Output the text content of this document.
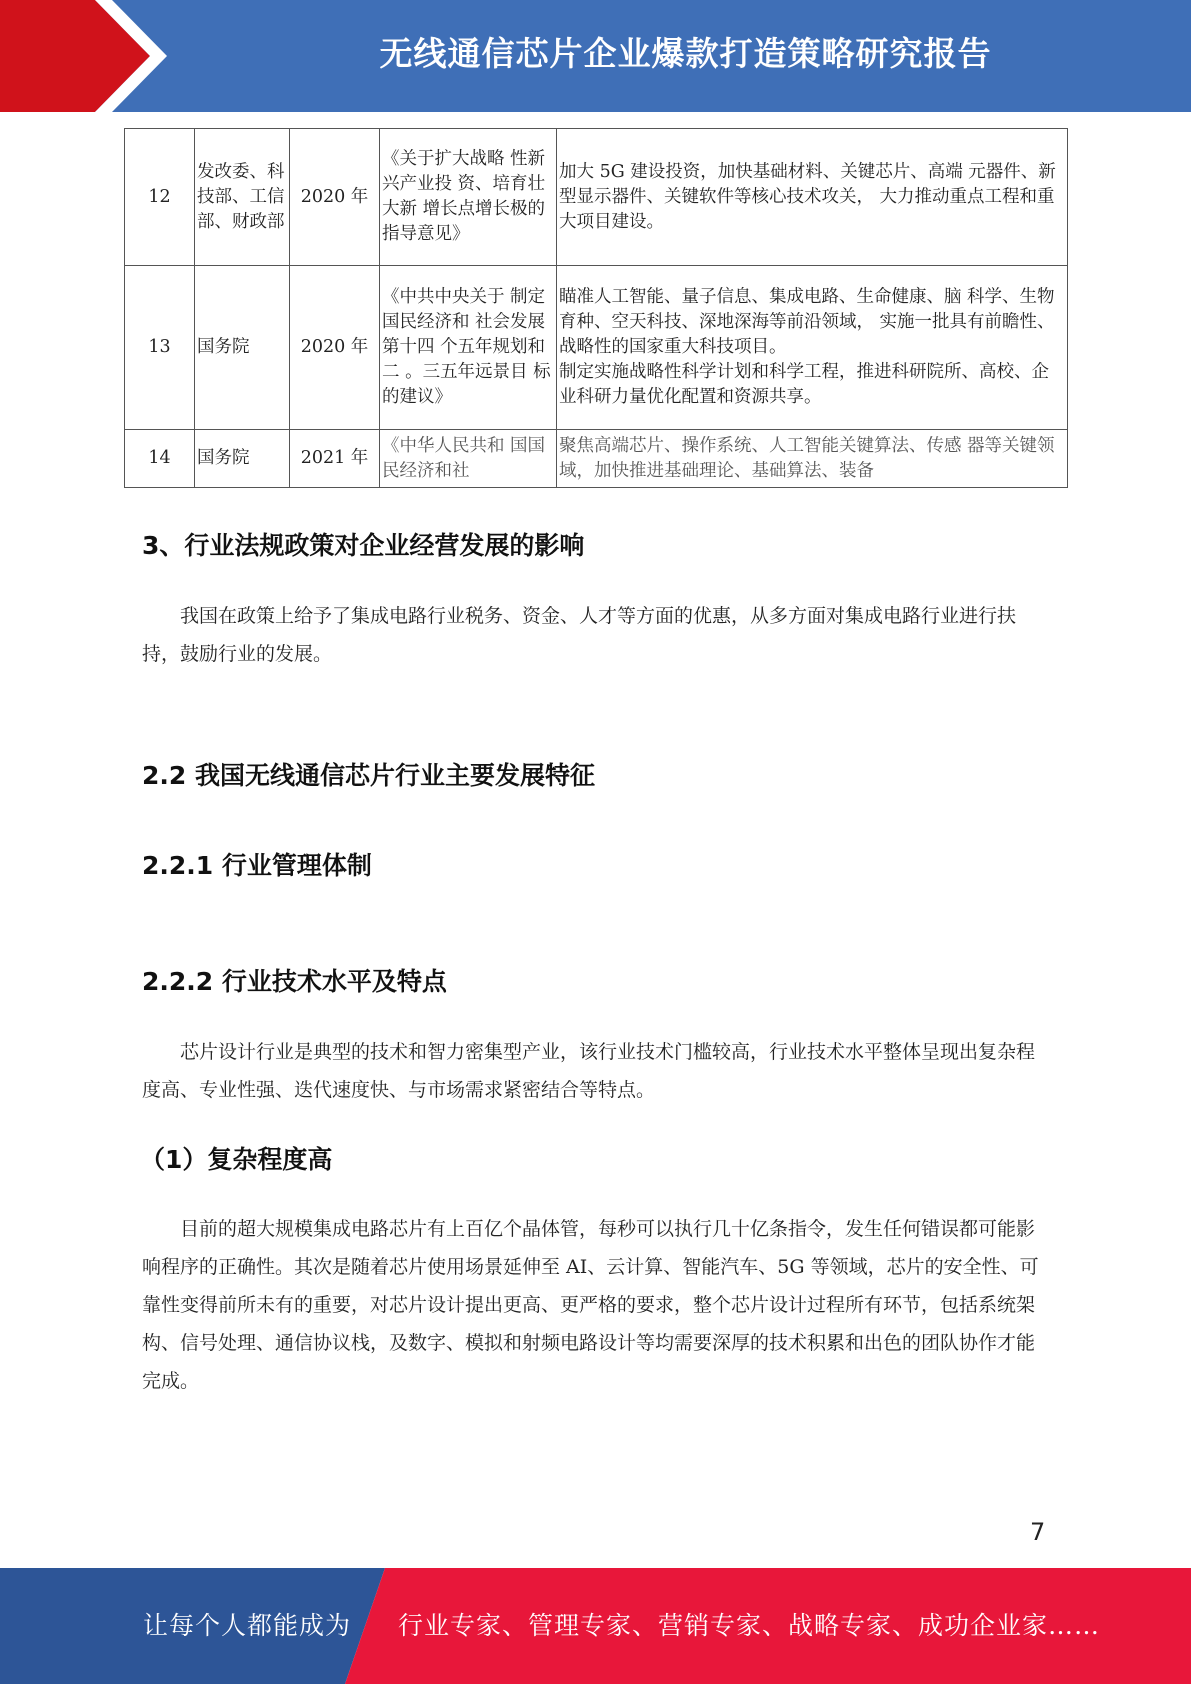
无线通信芯片企业爆款打造策略研究报告
12	发改委、科技部、工信部、财政部	2020 年	《关于扩大战略 性新兴产业投 资、培育壮大新 增长点增长极的 指导意见》	加大 5G 建设投资，加快基础材料、关键芯片、高端 元器件、新型显示器件、关键软件等核心技术攻关， 大力推动重点工程和重大项目建设。

13	国务院	2020 年	《中共中央关于 制定国民经济和 社会发展第十四 个五年规划和二 。三五年远景目 标的建议》	瞄准人工智能、量子信息、集成电路、生命健康、脑 科学、生物育种、空天科技、深地深海等前沿领域， 实施一批具有前瞻性、战略性的国家重大科技项目。
制定实施战略性科学计划和科学工程，推进科研院所、高校、企业科研力量优化配置和资源共享。

14	国务院	2021 年	《中华人民共和 国国民经济和社	聚焦高端芯片、操作系统、人工智能关键算法、传感 器等关键领域，加快推进基础理论、基础算法、装备
3、行业法规政策对企业经营发展的影响
我国在政策上给予了集成电路行业税务、资金、人才等方面的优惠，从多方面对集成电路行业进行扶持，鼓励行业的发展。
2.2 我国无线通信芯片行业主要发展特征
2.2.1 行业管理体制
2.2.2 行业技术水平及特点
芯片设计行业是典型的技术和智力密集型产业，该行业技术门槛较高，行业技术水平整体呈现出复杂程度高、专业性强、迭代速度快、与市场需求紧密结合等特点。
（1）复杂程度高
目前的超大规模集成电路芯片有上百亿个晶体管，每秒可以执行几十亿条指令，发生任何错误都可能影响程序的正确性。其次是随着芯片使用场景延伸至 AI、云计算、智能汽车、5G 等领域，芯片的安全性、可靠性变得前所未有的重要，对芯片设计提出更高、更严格的要求，整个芯片设计过程所有环节，包括系统架构、信号处理、通信协议栈，及数字、模拟和射频电路设计等均需要深厚的技术积累和出色的团队协作才能完成。
7
让每个人都能成为 行业专家、管理专家、营销专家、战略专家、成功企业家……
